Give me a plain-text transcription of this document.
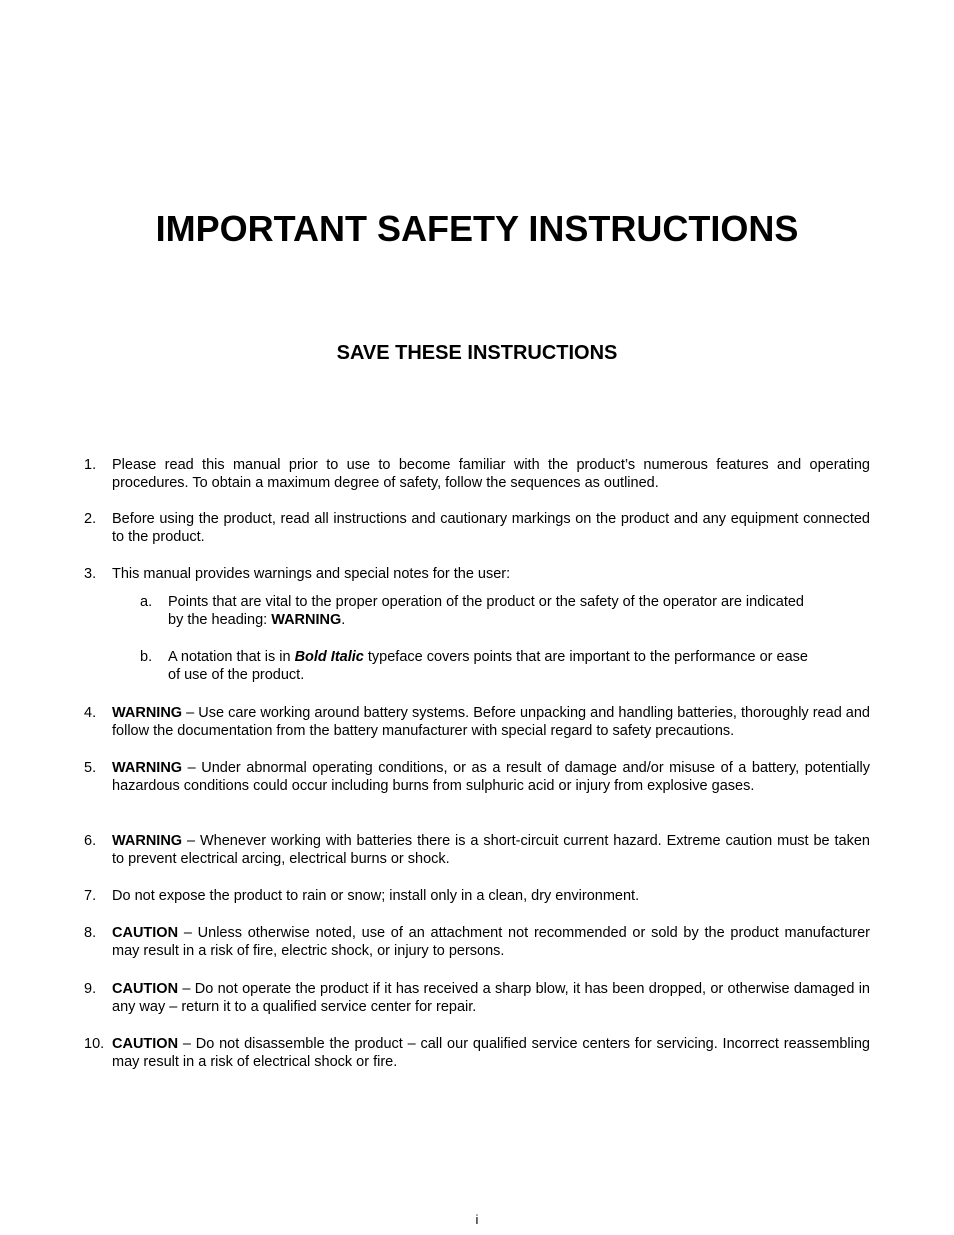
IMPORTANT SAFETY INSTRUCTIONS
SAVE THESE INSTRUCTIONS
1.	Please read this manual prior to use to become familiar with the product’s numerous features and operating procedures. To obtain a maximum degree of safety, follow the sequences as outlined.
2.	Before using the product, read all instructions and cautionary markings on the product and any equipment connected to the product.
3.	This manual provides warnings and special notes for the user:
a.	Points that are vital to the proper operation of the product or the safety of the operator are indicated by the heading: WARNING.
b.	A notation that is in Bold Italic typeface covers points that are important to the performance or ease of use of the product.
4.	WARNING – Use care working around battery systems. Before unpacking and handling batteries, thoroughly read and follow the documentation from the battery manufacturer with special regard to safety precautions.
5.	WARNING – Under abnormal operating conditions, or as a result of damage and/or misuse of a battery, potentially hazardous conditions could occur including burns from sulphuric acid or injury from explosive gases.
6.	WARNING – Whenever working with batteries there is a short-circuit current hazard. Extreme caution must be taken to prevent electrical arcing, electrical burns or shock.
7.	Do not expose the product to rain or snow; install only in a clean, dry environment.
8.	CAUTION – Unless otherwise noted, use of an attachment not recommended or sold by the product manufacturer may result in a risk of fire, electric shock, or injury to persons.
9.	CAUTION – Do not operate the product if it has received a sharp blow, it has been dropped, or otherwise damaged in any way – return it to a qualified service center for repair.
10. CAUTION – Do not disassemble the product – call our qualified service centers for servicing. Incorrect reassembling may result in a risk of electrical shock or fire.
i
